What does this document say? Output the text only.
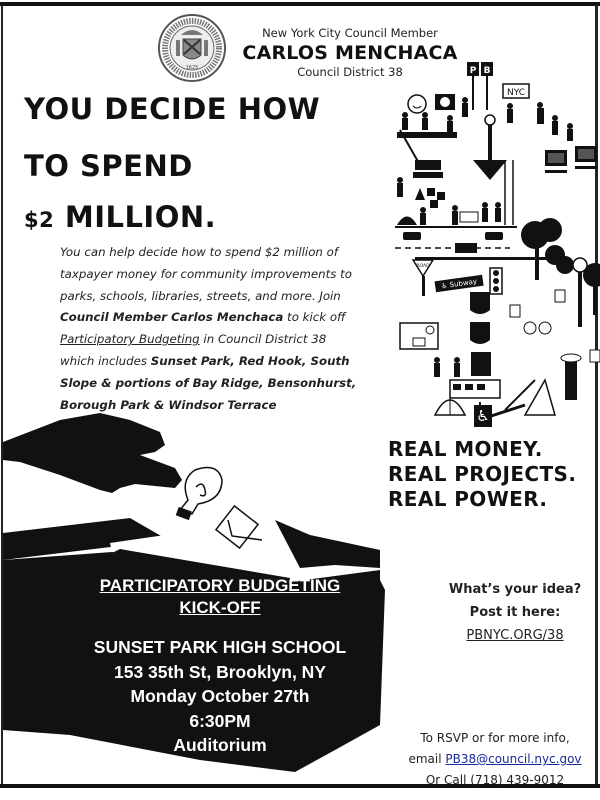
1625
New York City Council Member
CARLOS MENCHACA
Council District 38
YOU DECIDE HOW
TO SPEND
$2 MILLION.
You can help decide how to spend $2 million of taxpayer money for community improvements to parks, schools, libraries, streets, and more. Join Council Member Carlos Menchaca to kick off Participatory Budgeting in Council District 38 which includes Sunset Park, Red Hook, South Slope & portions of Bay Ridge, Bensonhurst, Borough Park & Windsor Terrace
P B
NYC
ROAD
♿ Subway
♿
REAL MONEY.
REAL PROJECTS.
REAL POWER.
PARTICIPATORY BUDGETING
KICK-OFF
SUNSET PARK HIGH SCHOOL
153 35th St, Brooklyn, NY
Monday October 27th
6:30PM
Auditorium
What’s your idea?
Post it here:
PBNYC.ORG/38
To RSVP or for more info,
email PB38@council.nyc.gov
Or Call (718) 439-9012
